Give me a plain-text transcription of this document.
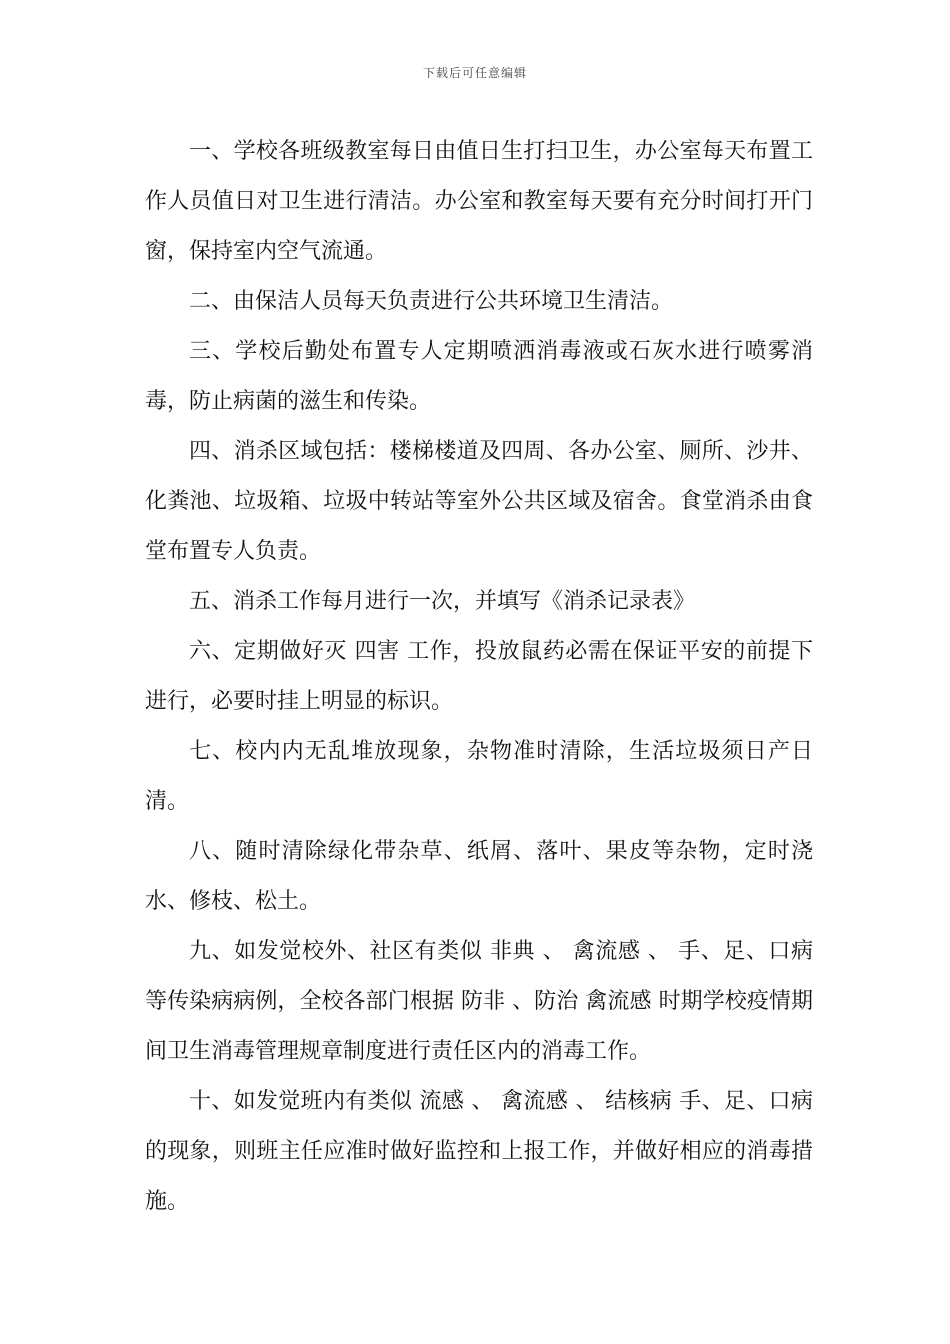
下载后可任意编辑

一、学校各班级教室每日由值日生打扫卫生，办公室每天布置工作人员值日对卫生进行清洁。办公室和教室每天要有充分时间打开门窗，保持室内空气流通。

二、由保洁人员每天负责进行公共环境卫生清洁。

三、学校后勤处布置专人定期喷洒消毒液或石灰水进行喷雾消毒，防止病菌的滋生和传染。

四、消杀区域包括：楼梯楼道及四周、各办公室、厕所、沙井、化粪池、垃圾箱、垃圾中转站等室外公共区域及宿舍。食堂消杀由食堂布置专人负责。

五、消杀工作每月进行一次，并填写《消杀记录表》

六、定期做好灭 四害 工作，投放鼠药必需在保证平安的前提下进行，必要时挂上明显的标识。

七、校内内无乱堆放现象，杂物准时清除，生活垃圾须日产日清。

八、随时清除绿化带杂草、纸屑、落叶、果皮等杂物，定时浇水、修枝、松土。

九、如发觉校外、社区有类似 非典 、 禽流感 、 手、足、口病 等传染病病例，全校各部门根据 防非 、防治 禽流感 时期学校疫情期间卫生消毒管理规章制度进行责任区内的消毒工作。

十、如发觉班内有类似 流感 、 禽流感 、 结核病 手、足、口病 的现象，则班主任应准时做好监控和上报工作，并做好相应的消毒措施。
